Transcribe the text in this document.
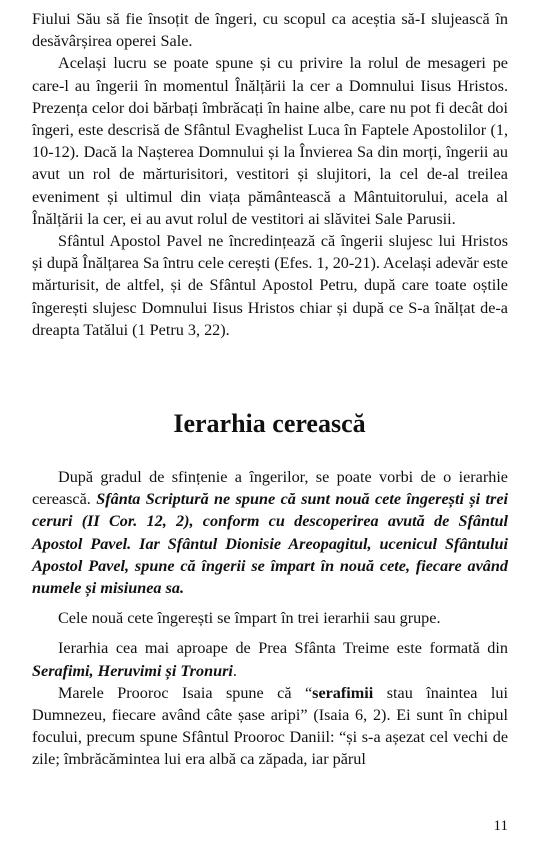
Fiului Său să fie însoțit de îngeri, cu scopul ca aceștia să-I slujească în desăvârșirea operei Sale.

Același lucru se poate spune și cu privire la rolul de mesageri pe care-l au îngerii în momentul Înălțării la cer a Domnului Iisus Hristos. Prezența celor doi bărbați îmbrăcați în haine albe, care nu pot fi decât doi îngeri, este descrisă de Sfântul Evaghelist Luca în Faptele Apostolilor (1, 10-12). Dacă la Nașterea Domnului și la Învierea Sa din morți, îngerii au avut un rol de mărturisitori, vestitori și slujitori, la cel de-al treilea eveniment și ultimul din viața pământească a Mântuitorului, acela al Înălțării la cer, ei au avut rolul de vestitori ai slăvitei Sale Parusii.

Sfântul Apostol Pavel ne încredințează că îngerii slujesc lui Hristos și după Înălțarea Sa întru cele cerești (Efes. 1, 20-21). Același adevăr este mărturisit, de altfel, și de Sfântul Apostol Petru, după care toate oștile îngerești slujesc Domnului Iisus Hristos chiar și după ce S-a înălțat de-a dreapta Tatălui (1 Petru 3, 22).

Ierarhia cerească

După gradul de sfințenie a îngerilor, se poate vorbi de o ierarhie cerească. Sfânta Scriptură ne spune că sunt nouă cete îngerești și trei ceruri (II Cor. 12, 2), conform cu descoperirea avută de Sfântul Apostol Pavel. Iar Sfântul Dionisie Areopagitul, ucenicul Sfântului Apostol Pavel, spune că îngerii se împart în nouă cete, fiecare având numele și misiunea sa.

Cele nouă cete îngerești se împart în trei ierarhii sau grupe.

Ierarhia cea mai aproape de Prea Sfânta Treime este formată din Serafimi, Heruvimi și Tronuri.

Marele Prooroc Isaia spune că “serafimii stau înaintea lui Dumnezeu, fiecare având câte șase aripi” (Isaia 6, 2). Ei sunt în chipul focului, precum spune Sfântul Prooroc Daniil: “și s-a așezat cel vechi de zile; îmbrăcămintea lui era albă ca zăpada, iar părul

11
